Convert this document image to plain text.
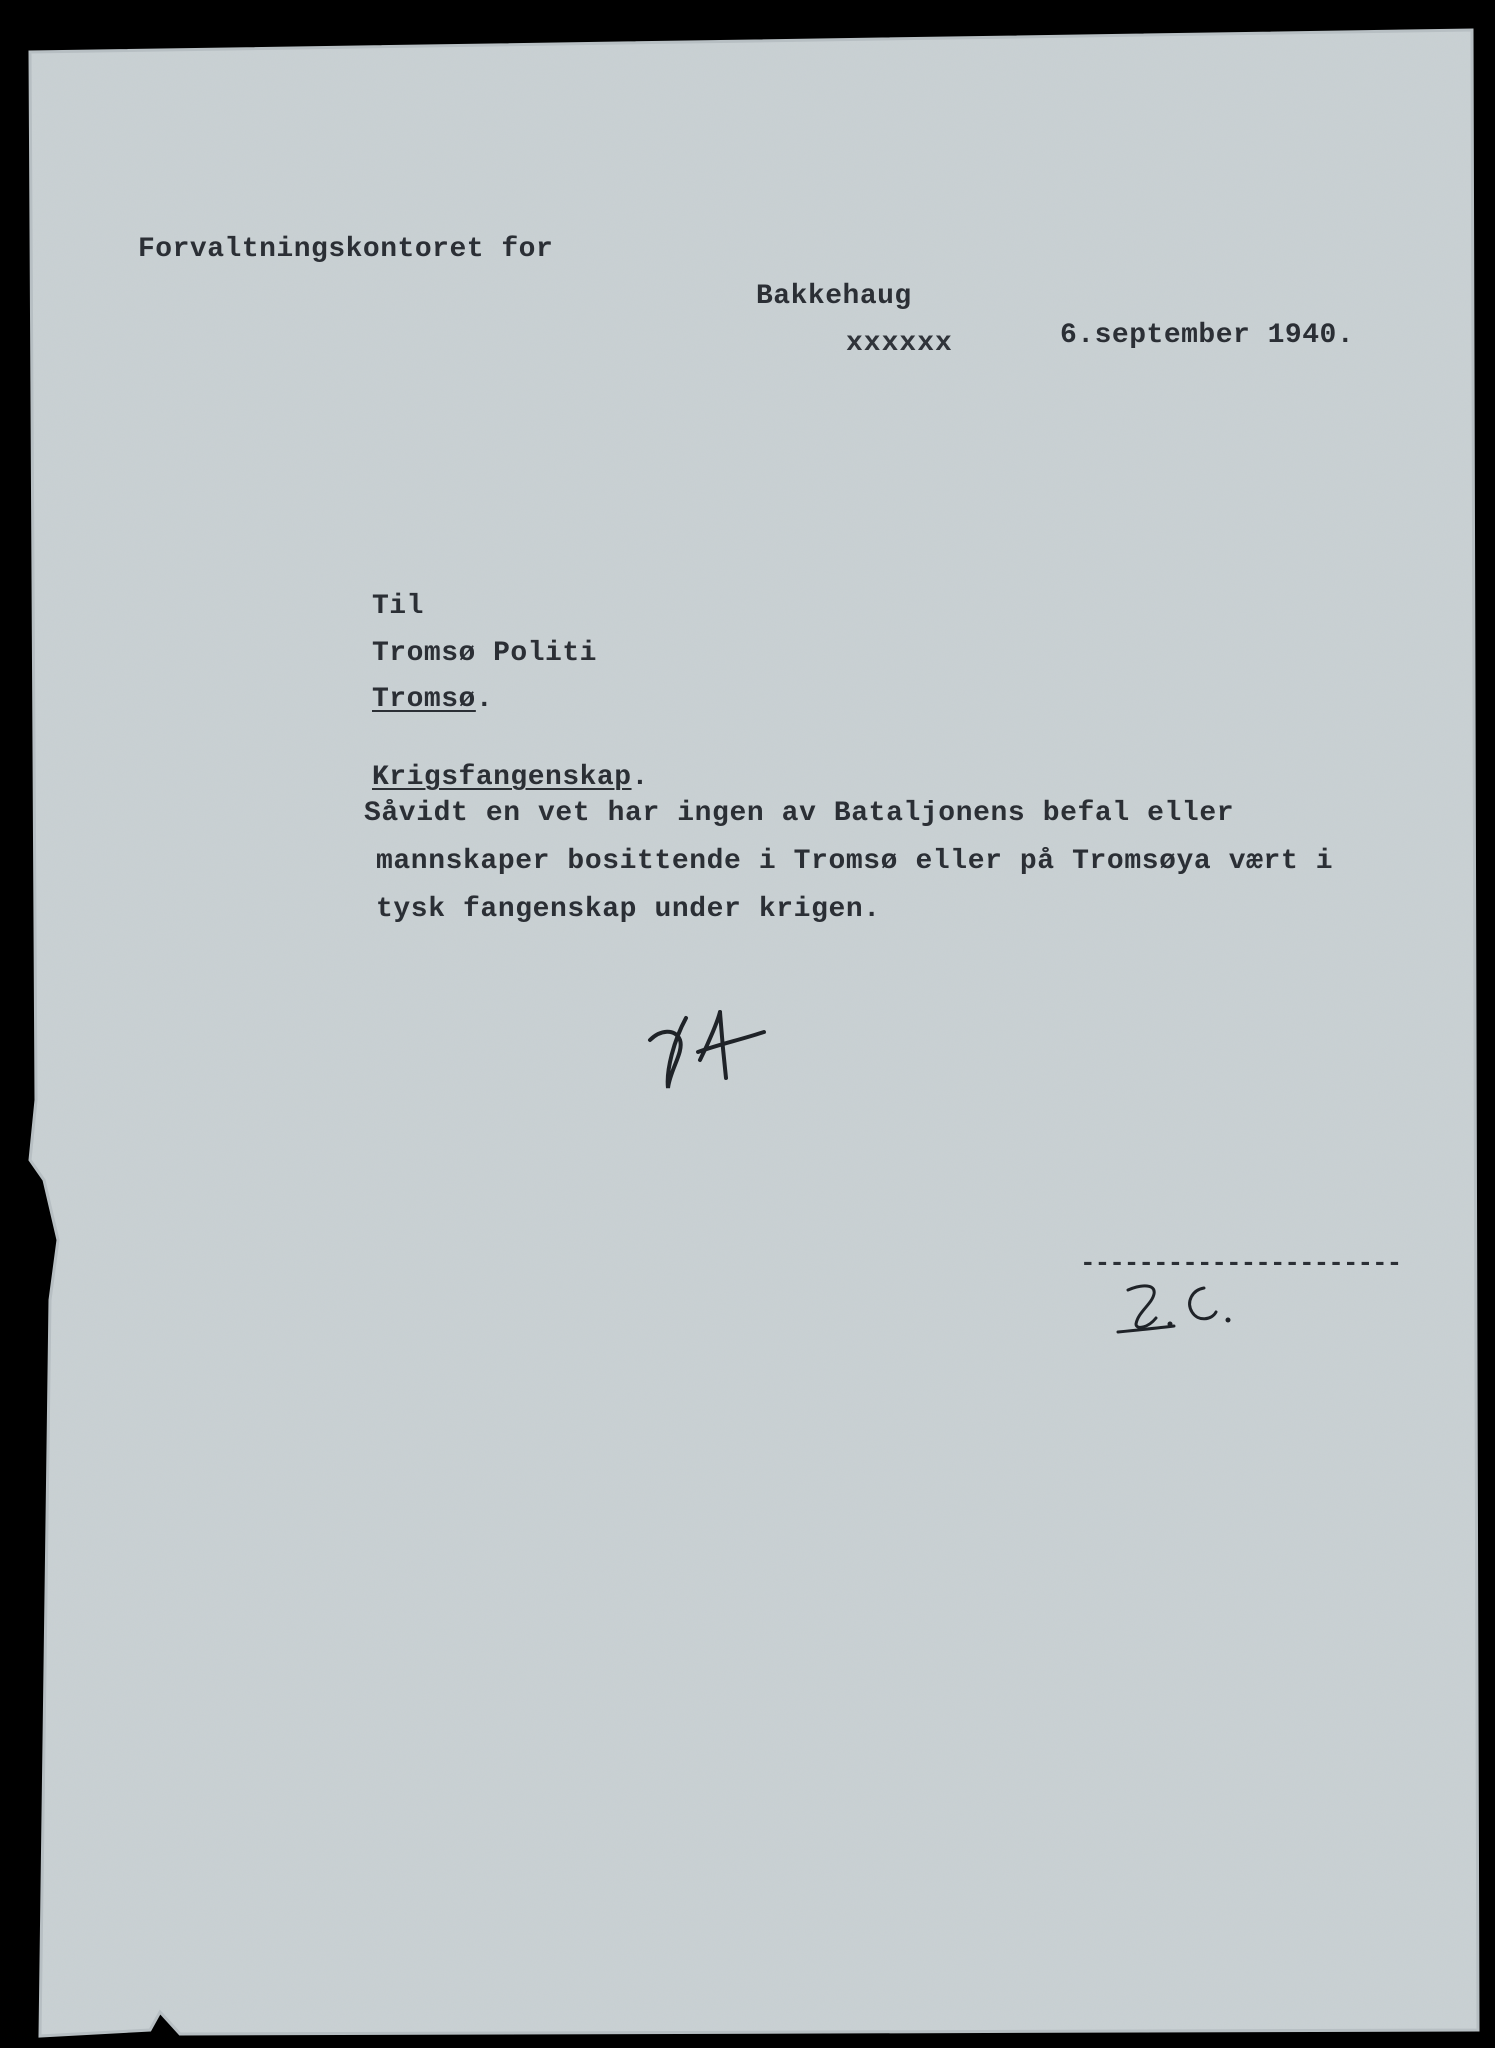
Forvaltningskontoret for
Bakkehaug
xxxxxx	6.september 1940.
Til
Tromsø Politi
Tromsø.
Krigsfangenskap.
Såvidt en vet har ingen av Bataljonens befal eller
mannskaper bosittende i Tromsø eller på Tromsøya vært i
tysk fangenskap under krigen.
----------------------
